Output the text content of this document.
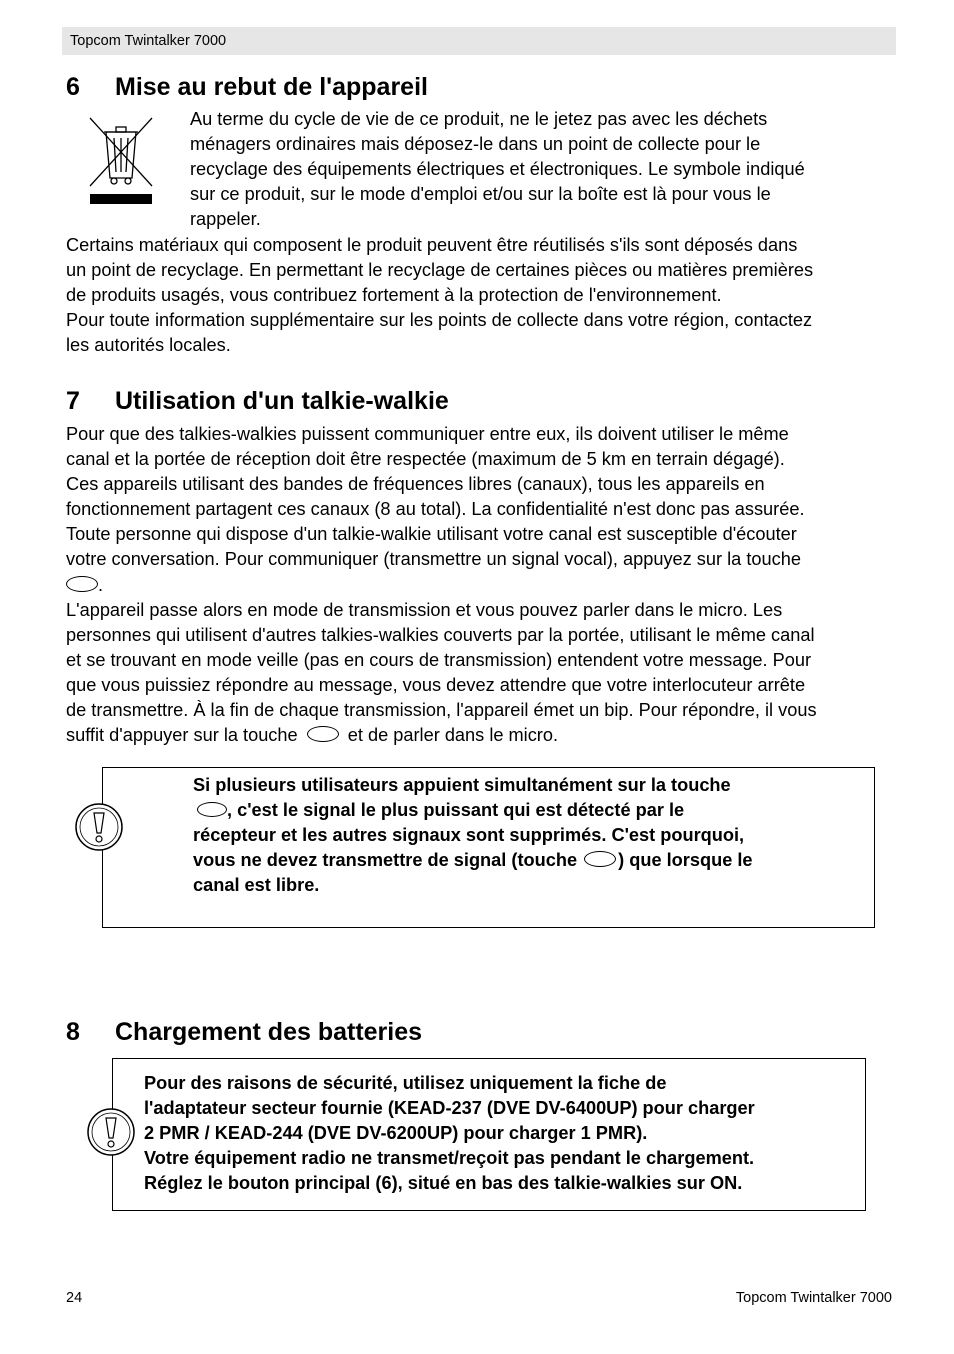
Topcom Twintalker 7000
6 Mise au rebut de l'appareil
Au terme du cycle de vie de ce produit, ne le jetez pas avec les déchets
ménagers ordinaires mais déposez-le dans un point de collecte pour le
recyclage des équipements électriques et électroniques. Le symbole indiqué
sur ce produit, sur le mode d'emploi et/ou sur la boîte est là pour vous le
rappeler.
Certains matériaux qui composent le produit peuvent être réutilisés s'ils sont déposés dans
un point de recyclage. En permettant le recyclage de certaines pièces ou matières premières
de produits usagés, vous contribuez fortement à la protection de l'environnement.
Pour toute information supplémentaire sur les points de collecte dans votre région, contactez
les autorités locales.
7 Utilisation d'un talkie-walkie
Pour que des talkies-walkies puissent communiquer entre eux, ils doivent utiliser le même
canal et la portée de réception doit être respectée (maximum de 5 km en terrain dégagé).
Ces appareils utilisant des bandes de fréquences libres (canaux), tous les appareils en
fonctionnement partagent ces canaux (8 au total). La confidentialité n'est donc pas assurée.
Toute personne qui dispose d'un talkie-walkie utilisant votre canal est susceptible d'écouter
votre conversation. Pour communiquer (transmettre un signal vocal), appuyez sur la touche
.
L'appareil passe alors en mode de transmission et vous pouvez parler dans le micro. Les
personnes qui utilisent d'autres talkies-walkies couverts par la portée, utilisant le même canal
et se trouvant en mode veille (pas en cours de transmission) entendent votre message. Pour
que vous puissiez répondre au message, vous devez attendre que votre interlocuteur arrête
de transmettre. À la fin de chaque transmission, l'appareil émet un bip. Pour répondre, il vous
suffit d'appuyer sur la touche	et de parler dans le micro.
Si plusieurs utilisateurs appuient simultanément sur la touche
, c'est le signal le plus puissant qui est détecté par le
récepteur et les autres signaux sont supprimés. C'est pourquoi,
vous ne devez transmettre de signal (touche ) que lorsque le
canal est libre.
8 Chargement des batteries
Pour des raisons de sécurité, utilisez uniquement la fiche de
l'adaptateur secteur fournie (KEAD-237 (DVE DV-6400UP) pour charger
2 PMR / KEAD-244 (DVE DV-6200UP) pour charger 1 PMR).
Votre équipement radio ne transmet/reçoit pas pendant le chargement.
Réglez le bouton principal (6), situé en bas des talkie-walkies sur ON.
24	Topcom Twintalker 7000
